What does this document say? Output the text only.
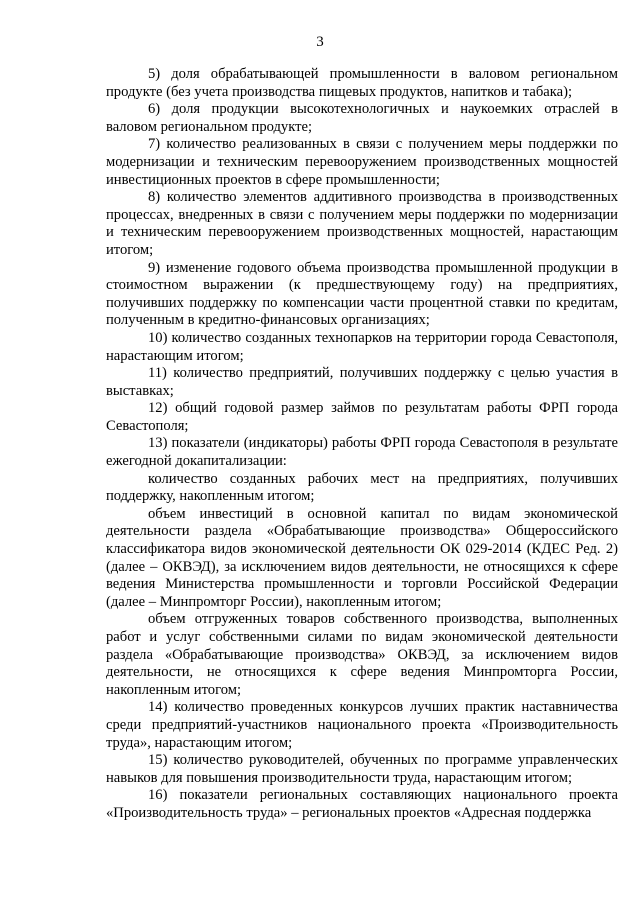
3

5) доля обрабатывающей промышленности в валовом региональном продукте (без учета производства пищевых продуктов, напитков и табака);

6) доля продукции высокотехнологичных и наукоемких отраслей в валовом региональном продукте;

7) количество реализованных в связи с получением меры поддержки по модернизации и техническим перевооружением производственных мощностей инвестиционных проектов в сфере промышленности;

8) количество элементов аддитивного производства в производственных процессах, внедренных в связи с получением меры поддержки по модернизации и техническим перевооружением производственных мощностей, нарастающим итогом;

9) изменение годового объема производства промышленной продукции в стоимостном выражении (к предшествующему году) на предприятиях, получивших поддержку по компенсации части процентной ставки по кредитам, полученным в кредитно-финансовых организациях;

10) количество созданных технопарков на территории города Севастополя, нарастающим итогом;

11) количество предприятий, получивших поддержку с целью участия в выставках;

12) общий годовой размер займов по результатам работы ФРП города Севастополя;

13) показатели (индикаторы) работы ФРП города Севастополя в результате ежегодной докапитализации:

количество созданных рабочих мест на предприятиях, получивших поддержку, накопленным итогом;

объем инвестиций в основной капитал по видам экономической деятельности раздела «Обрабатывающие производства» Общероссийского классификатора видов экономической деятельности ОК 029-2014 (КДЕС Ред. 2) (далее – ОКВЭД), за исключением видов деятельности, не относящихся к сфере ведения Министерства промышленности и торговли Российской Федерации (далее – Минпромторг России), накопленным итогом;

объем отгруженных товаров собственного производства, выполненных работ и услуг собственными силами по видам экономической деятельности раздела «Обрабатывающие производства» ОКВЭД, за исключением видов деятельности, не относящихся к сфере ведения Минпромторга России, накопленным итогом;

14) количество проведенных конкурсов лучших практик наставничества среди предприятий-участников национального проекта «Производительность труда», нарастающим итогом;

15) количество руководителей, обученных по программе управленческих навыков для повышения производительности труда, нарастающим итогом;

16) показатели региональных составляющих национального проекта «Производительность труда» – региональных проектов «Адресная поддержка
